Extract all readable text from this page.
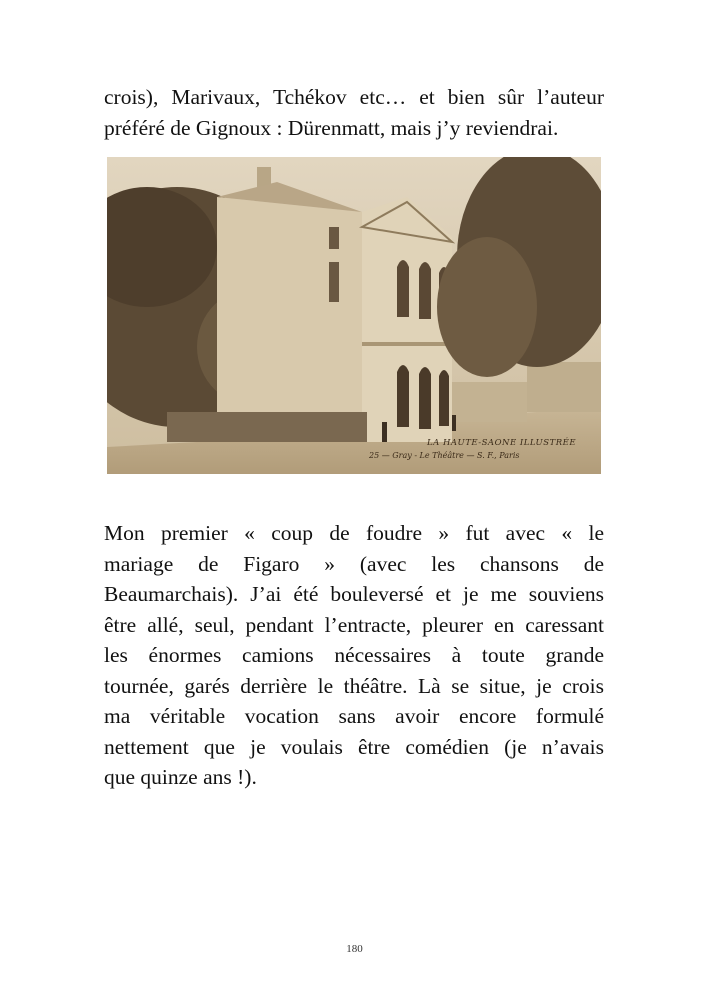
crois), Marivaux, Tchékov etc… et bien sûr l’auteur
préféré de Gignoux : Dürenmatt, mais j’y reviendrai.
LA HAUTE-SAONE ILLUSTRÉE
25 — Gray - Le Théâtre — S. F., Paris
Mon premier « coup de foudre » fut avec « le
mariage de Figaro » (avec les chansons de
Beaumarchais). J’ai été bouleversé et je me souviens
être allé, seul, pendant l’entracte, pleurer en caressant
les énormes camions nécessaires à toute grande
tournée, garés derrière le théâtre. Là se situe, je crois
ma véritable vocation sans avoir encore formulé
nettement que je voulais être comédien (je n’avais
que quinze ans !).
180
